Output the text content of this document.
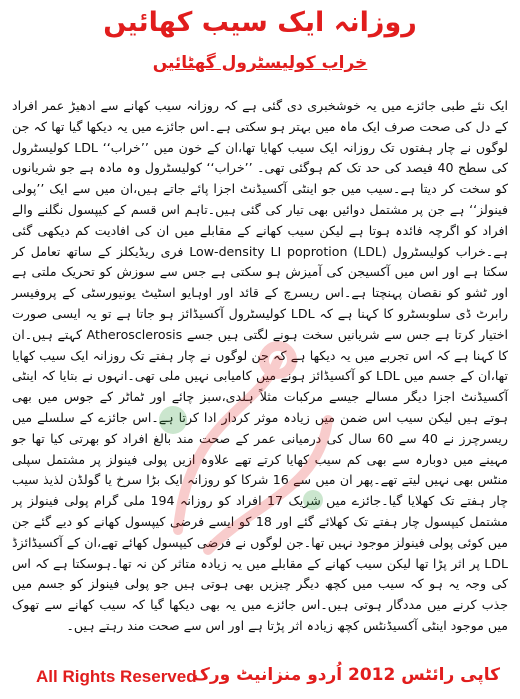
روزانہ ایک سیب کھائیں
خراب کولیسٹرول گھٹائیں

ایک نئے طبی جائزے میں یہ خوشخبری دی گئی ہے کہ روزانہ سیب کھانے سے ادھیڑ عمر افراد کے دل کی صحت صرف ایک ماہ میں بہتر ہو سکتی ہے۔اس جائزے میں یہ دیکھا گیا تھا کہ جن لوگوں نے چار ہفتوں تک روزانہ ایک سیب کھایا تھا،ان کے خون میں ’’خراب‘‘ LDL کولیسٹرول کی سطح 40 فیصد کی حد تک کم ہوگئی تھی۔ ’’خراب‘‘ کولیسٹرول وہ مادہ ہے جو شریانوں کو سخت کر دیتا ہے۔سیب میں جو اینٹی آکسیڈنٹ اجزا پائے جاتے ہیں،ان میں سے ایک ’’پولی فینولز‘‘ ہے جن پر مشتمل دوائیں بھی تیار کی گئی ہیں۔تاہم اس قسم کے کیپسول نگلنے والے افراد کو اگرچہ فائدہ ہوتا ہے لیکن سیب کھانے کے مقابلے میں ان کی افادیت کم دیکھی گئی ہے۔خراب کولیسٹرول (Low-density LI poprotion (LDL فری ریڈیکلز کے ساتھ تعامل کر سکتا ہے اور اس میں آکسیجن کی آمیزش ہو سکتی ہے جس سے سوزش کو تحریک ملتی ہے اور ٹشو کو نقصان پہنچتا ہے۔اس ریسرچ کے قائد اور اوہایو اسٹیٹ یونیورسٹی کے پروفیسر رابرٹ ڈی سلوبسٹرو کا کہنا ہے کہ LDL کولیسٹرول آکسیڈائز ہو جاتا ہے تو یہ ایسی صورت اختیار کرتا ہے جس سے شریانیں سخت ہونے لگتی ہیں جسے Atherosclerosis کہتے ہیں۔ان کا کہنا ہے کہ اس تجربے میں یہ دیکھا ہے کہ جن لوگوں نے چار ہفتے تک روزانہ ایک سیب کھایا تھا،ان کے جسم میں LDL کو آکسیڈائز ہونے میں کامیابی نہیں ملی تھی۔انہوں نے بتایا کہ اینٹی آکسیڈنٹ اجزا دیگر مسالے جیسے مرکبات مثلاً ہلدی،سبز چائے اور ٹماٹر کے جوس میں بھی ہوتے ہیں لیکن سیب اس ضمن میں زیادہ موثر کردار ادا کرتا ہے۔اس جائزے کے سلسلے میں ریسرچرز نے 40 سے 60 سال کی درمیانی عمر کے صحت مند بالغ افراد کو بھرتی کیا تھا جو مہینے میں دوبارہ سے بھی کم سیب کھایا کرتے تھے علاوہ ازیں پولی فینولز پر مشتمل سپلی منٹس بھی نہیں لیتے تھے۔پھر ان میں سے 16 شرکا کو روزانہ ایک بڑا سرخ یا گولڈن لذیذ سیب چار ہفتے تک کھلایا گیا۔جائزے میں شریک 17 افراد کو روزانہ 194 ملی گرام پولی فینولز پر مشتمل کیپسول چار ہفتے تک کھلائے گئے اور 18 کو ایسے فرضی کیپسول کھانے کو دیے گئے جن میں کوئی پولی فینولز موجود نہیں تھا۔جن لوگوں نے فرضی کیپسول کھائے تھے،ان کے آکسیڈائزڈ LDL پر اثر پڑا تھا لیکن سیب کھانے کے مقابلے میں یہ زیادہ متاثر کن نہ تھا۔ہوسکتا ہے کہ اس کی وجہ یہ ہو کہ سیب میں کچھ دیگر چیزیں بھی ہوتی ہیں جو پولی فینولز کو جسم میں جذب کرنے میں مددگار ہوتی ہیں۔اس جائزے میں یہ بھی دیکھا گیا کہ سیب کھانے سے تھوک میں موجود اینٹی آکسیڈنٹس کچھ زیادہ اثر پڑتا ہے اور اس سے صحت مند رہتے ہیں۔

All Rights Reserved
کاپی رائٹس 2012 اُردو منزانیٹ ورک
